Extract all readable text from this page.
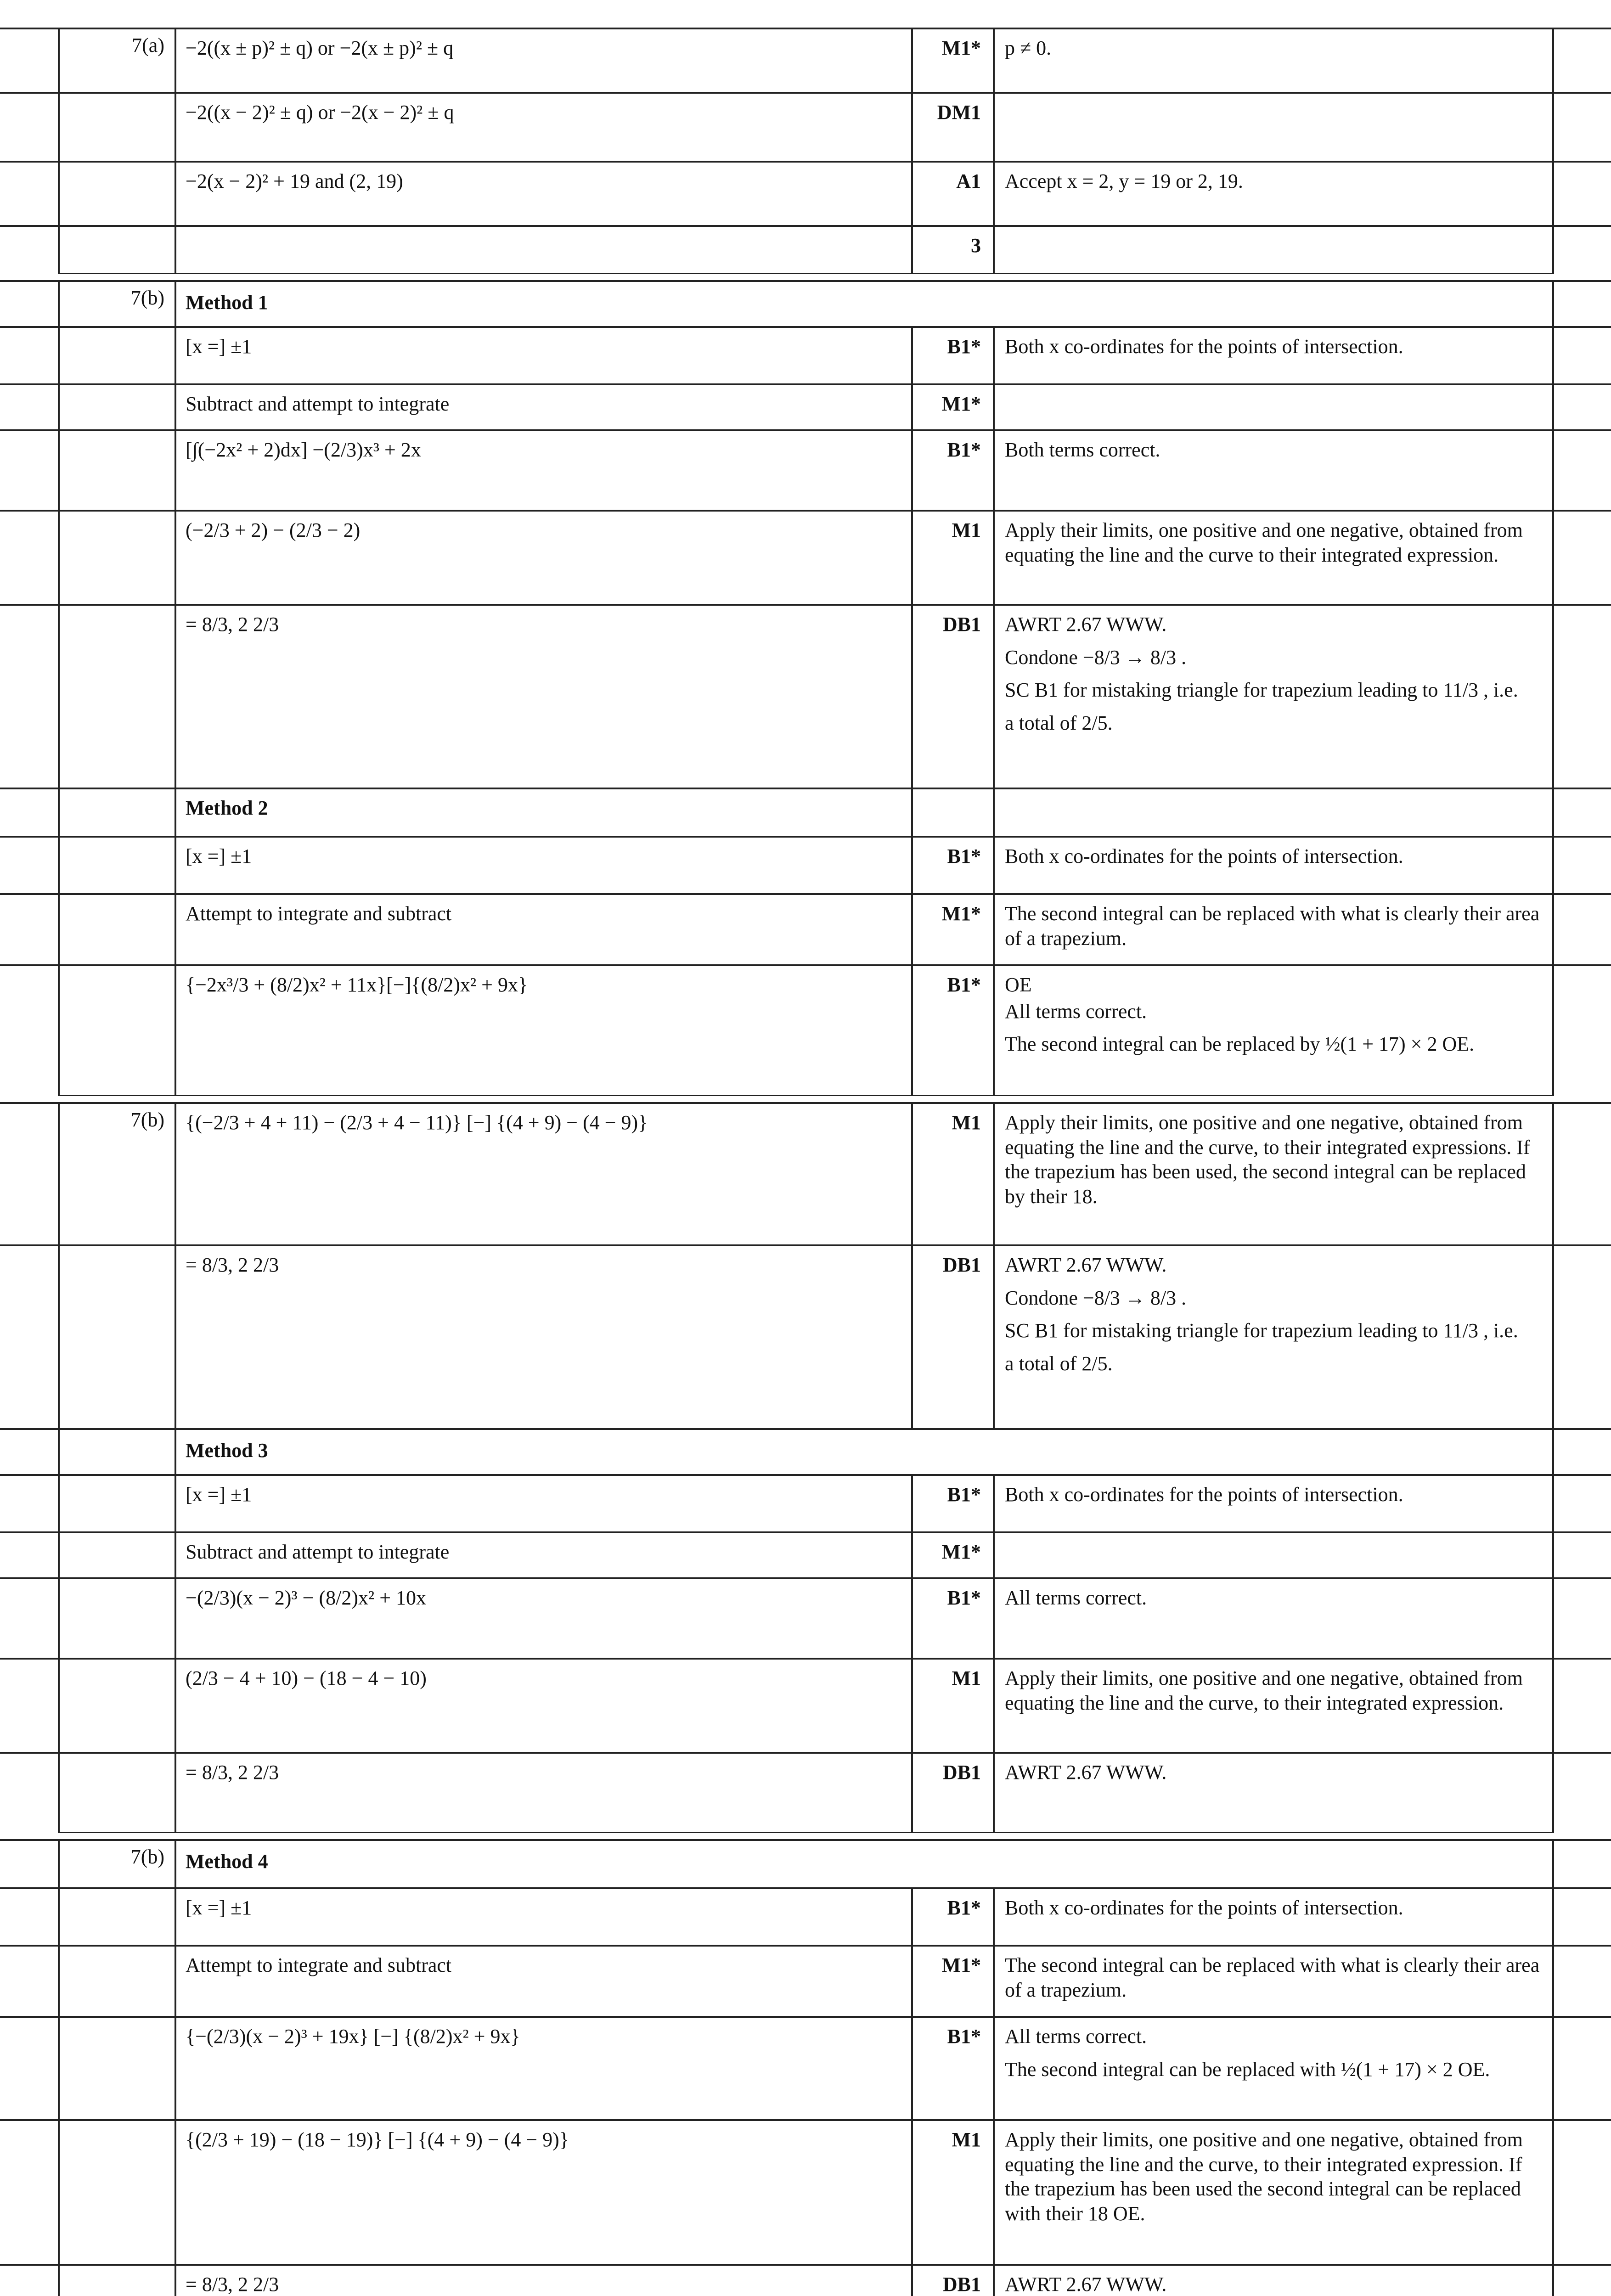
7(a)	−2((x ± p)² ± q) or −2(x ± p)² ± q	M1*	p ≠ 0.
−2((x − 2)² ± q) or −2(x − 2)² ± q	DM1
−2(x − 2)² + 19 and (2, 19)	A1	Accept x = 2, y = 19 or 2, 19.
3
7(b)	Method 1
[x =] ±1	B1*	Both x co-ordinates for the points of intersection.
Subtract and attempt to integrate	M1*
[∫(−2x² + 2)dx] −(2/3)x³ + 2x	B1*	Both terms correct.
(−2/3 + 2) − (2/3 − 2)	M1	Apply their limits, one positive and one negative, obtained from equating the line and the curve to their integrated expression.
= 8/3, 2 2/3	DB1	AWRT 2.67 WWW.
Condone −8/3 → 8/3 .
SC B1 for mistaking triangle for trapezium leading to 11/3 , i.e.
a total of 2/5.
Method 2
[x =] ±1	B1*	Both x co-ordinates for the points of intersection.
Attempt to integrate and subtract	M1*	The second integral can be replaced with what is clearly their area of a trapezium.
{−2x³/3 + (8/2)x² + 11x}[−]{(8/2)x² + 9x}	B1*	OE
All terms correct.
The second integral can be replaced by ½(1 + 17) × 2 OE.
7(b)	{(−2/3 + 4 + 11) − (2/3 + 4 − 11)} [−] {(4 + 9) − (4 − 9)}	M1	Apply their limits, one positive and one negative, obtained from equating the line and the curve, to their integrated expressions. If the trapezium has been used, the second integral can be replaced by their 18.
= 8/3, 2 2/3	DB1	AWRT 2.67 WWW.
Condone −8/3 → 8/3 .
SC B1 for mistaking triangle for trapezium leading to 11/3 , i.e.
a total of 2/5.
Method 3
[x =] ±1	B1*	Both x co-ordinates for the points of intersection.
Subtract and attempt to integrate	M1*
−(2/3)(x − 2)³ − (8/2)x² + 10x	B1*	All terms correct.
(2/3 − 4 + 10) − (18 − 4 − 10)	M1	Apply their limits, one positive and one negative, obtained from equating the line and the curve, to their integrated expression.
= 8/3, 2 2/3	DB1	AWRT 2.67 WWW.
7(b)	Method 4
[x =] ±1	B1*	Both x co-ordinates for the points of intersection.
Attempt to integrate and subtract	M1*	The second integral can be replaced with what is clearly their area of a trapezium.
{−(2/3)(x − 2)³ + 19x} [−] {(8/2)x² + 9x}	B1*	All terms correct.
The second integral can be replaced with ½(1 + 17) × 2 OE.
{(2/3 + 19) − (18 − 19)} [−] {(4 + 9) − (4 − 9)}	M1	Apply their limits, one positive and one negative, obtained from equating the line and the curve, to their integrated expression. If the trapezium has been used the second integral can be replaced with their 18 OE.
= 8/3, 2 2/3	DB1	AWRT 2.67 WWW.
